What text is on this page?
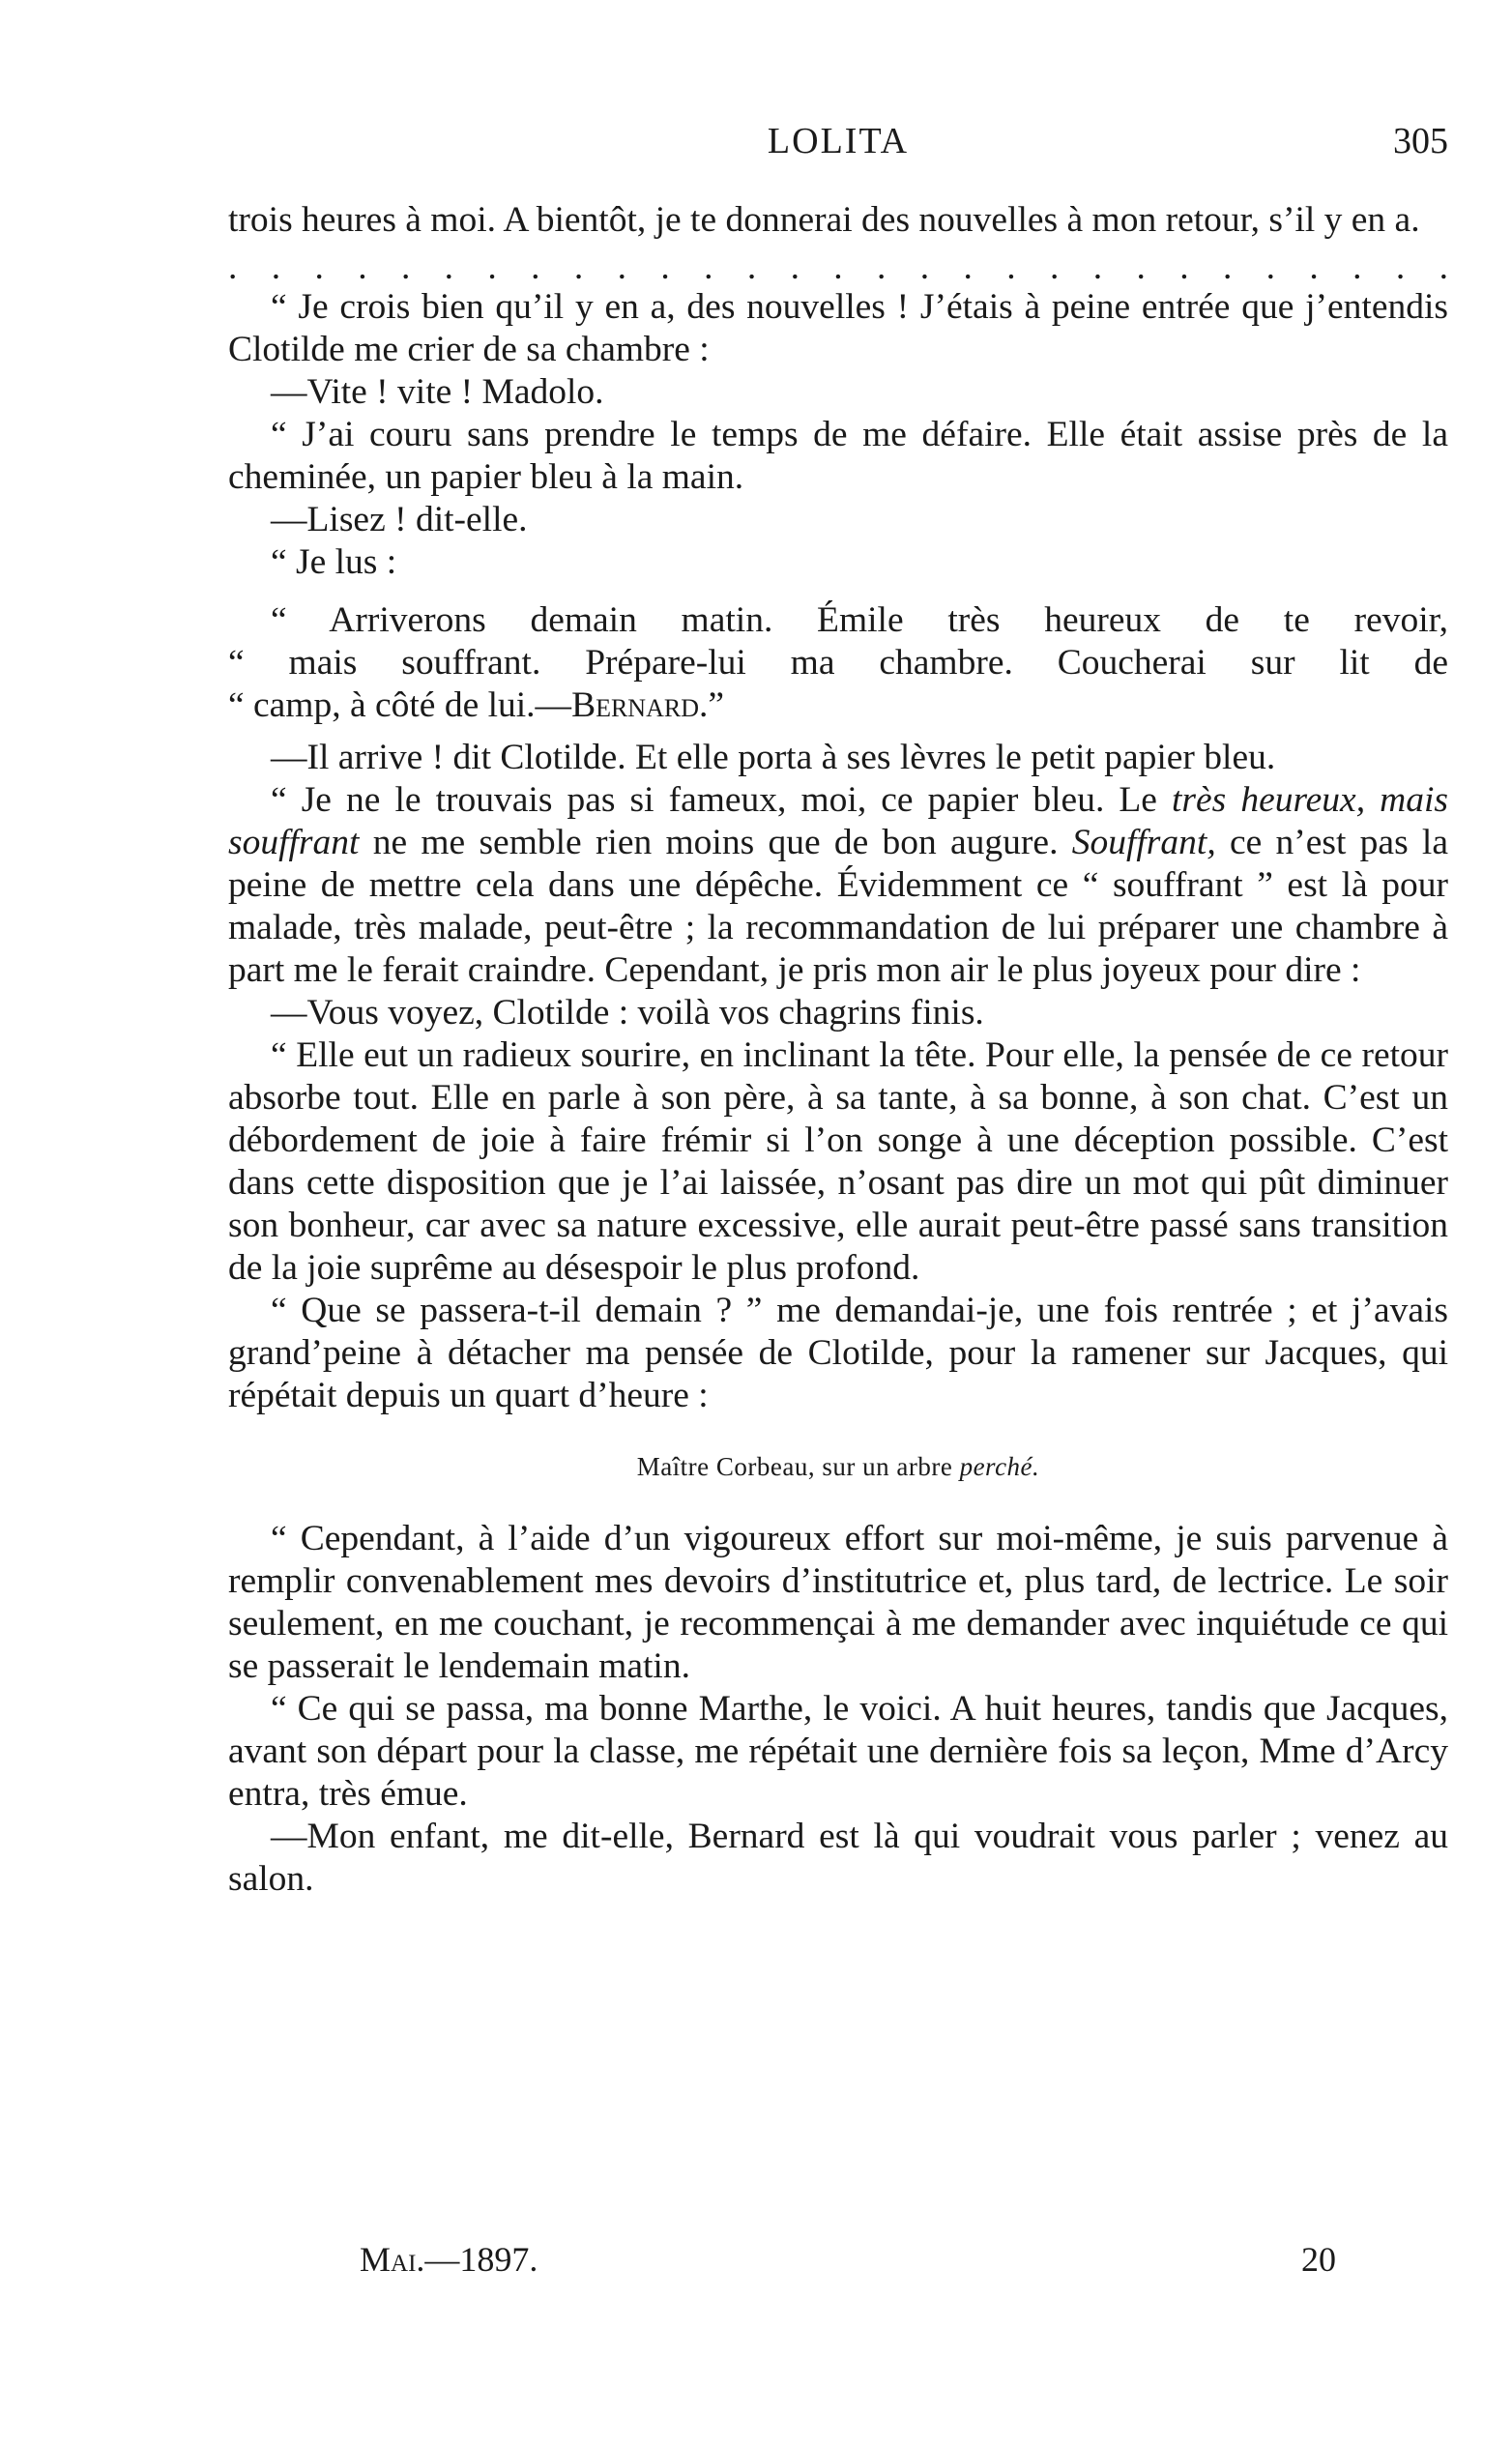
LOLITA	305

trois heures à moi. A bientôt, je te donnerai des nouvelles à mon retour, s’il y en a.

.  .  .  .  .  .  .  .  .  .  .  .  .  .  .  .  .  .  .  .  .  .  .  .  .  .  .  .  .

“ Je crois bien qu’il y en a, des nouvelles ! J’étais à peine entrée que j’entendis Clotilde me crier de sa chambre :

—Vite ! vite ! Madolo.

“ J’ai couru sans prendre le temps de me défaire. Elle était assise près de la cheminée, un papier bleu à la main.

—Lisez ! dit-elle.

“ Je lus :

“ Arriverons demain matin. Émile très heureux de te revoir,

“ mais souffrant. Prépare-lui ma chambre. Coucherai sur lit de

“ camp, à côté de lui.—Bernard.”

—Il arrive ! dit Clotilde. Et elle porta à ses lèvres le petit papier bleu.

“ Je ne le trouvais pas si fameux, moi, ce papier bleu. Le très heureux, mais souffrant ne me semble rien moins que de bon augure. Souffrant, ce n’est pas la peine de mettre cela dans une dépêche. Évidemment ce “ souffrant ” est là pour malade, très malade, peut-être ; la recommandation de lui préparer une chambre à part me le ferait craindre. Cependant, je pris mon air le plus joyeux pour dire :

—Vous voyez, Clotilde : voilà vos chagrins finis.

“ Elle eut un radieux sourire, en inclinant la tête. Pour elle, la pensée de ce retour absorbe tout. Elle en parle à son père, à sa tante, à sa bonne, à son chat. C’est un débordement de joie à faire frémir si l’on songe à une déception possible. C’est dans cette disposition que je l’ai laissée, n’osant pas dire un mot qui pût diminuer son bonheur, car avec sa nature excessive, elle aurait peut-être passé sans transition de la joie suprême au désespoir le plus profond.

“ Que se passera-t-il demain ? ” me demandai-je, une fois rentrée ; et j’avais grand’peine à détacher ma pensée de Clotilde, pour la ramener sur Jacques, qui répétait depuis un quart d’heure :

Maître Corbeau, sur un arbre perché.

“ Cependant, à l’aide d’un vigoureux effort sur moi-même, je suis parvenue à remplir convenablement mes devoirs d’institutrice et, plus tard, de lectrice. Le soir seulement, en me couchant, je recommençai à me demander avec inquiétude ce qui se passerait le lendemain matin.

“ Ce qui se passa, ma bonne Marthe, le voici. A huit heures, tandis que Jacques, avant son départ pour la classe, me répétait une dernière fois sa leçon, Mme d’Arcy entra, très émue.

—Mon enfant, me dit-elle, Bernard est là qui voudrait vous parler ; venez au salon.

Mai.—1897.	20
